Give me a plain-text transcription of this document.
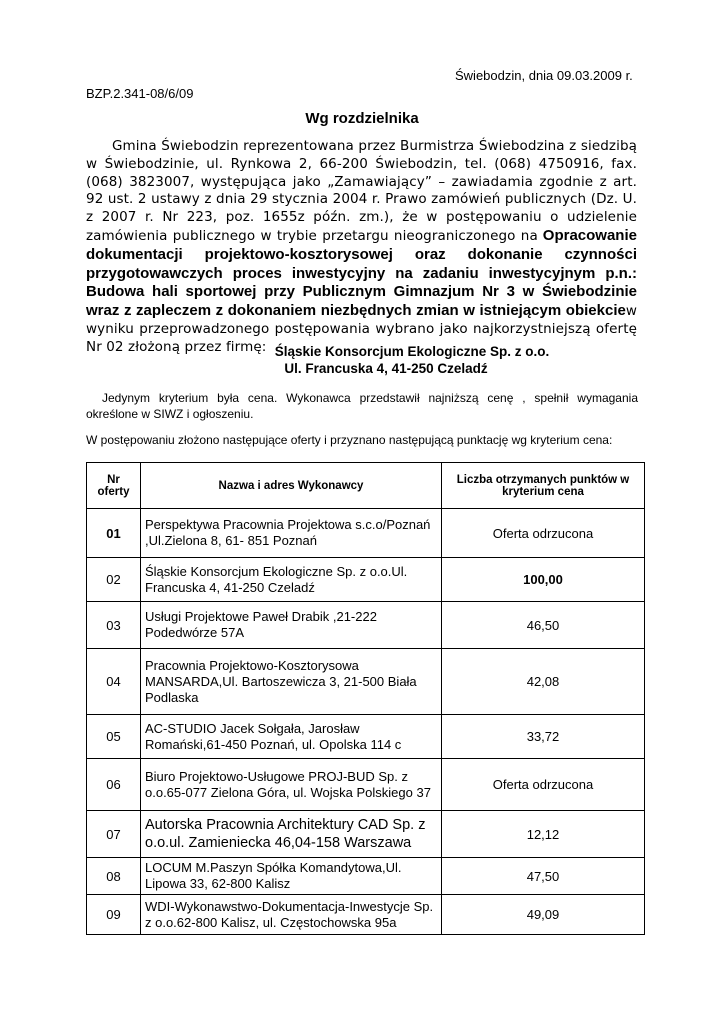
Świebodzin, dnia 09.03.2009 r.
BZP.2.341-08/6/09
Wg rozdzielnika
Gmina Świebodzin reprezentowana przez Burmistrza Świebodzina z siedzibą w Świebodzinie, ul. Rynkowa 2, 66-200 Świebodzin, tel. (068) 4750916, fax. (068) 3823007, występująca jako „Zamawiający” – zawiadamia zgodnie z art. 92 ust. 2 ustawy z dnia 29 stycznia 2004 r. Prawo zamówień publicznych (Dz. U. z 2007 r. Nr 223, poz. 1655z późn. zm.), że w postępowaniu o udzielenie zamówienia publicznego w trybie przetargu nieograniczonego na Opracowanie dokumentacji projektowo-kosztorysowej oraz dokonanie czynności przygotowawczych proces inwestycyjny na zadaniu inwestycyjnym p.n.: Budowa hali sportowej przy Publicznym Gimnazjum Nr 3 w Świebodzinie wraz z zapleczem z dokonaniem niezbędnych zmian w istniejącym obiekciew wyniku przeprowadzonego postępowania wybrano jako najkorzystniejszą ofertę Nr 02 złożoną przez firmę: Śląskie Konsorcjum Ekologiczne Sp. z o.o.
Ul. Francuska 4, 41-250 Czeladź
Jedynym kryterium była cena. Wykonawca przedstawił najniższą cenę , spełnił wymagania określone w SIWZ i ogłoszeniu.
W postępowaniu złożono następujące oferty i przyznano następującą punktację wg kryterium cena:
Nr oferty	Nazwa i adres Wykonawcy	Liczba otrzymanych punktów w kryterium cena
01	Perspektywa Pracownia Projektowa s.c.o/Poznań ,Ul.Zielona 8, 61- 851 Poznań	Oferta odrzucona
02	Śląskie Konsorcjum Ekologiczne Sp. z o.o.Ul. Francuska 4, 41-250 Czeladź	100,00
03	Usługi Projektowe Paweł Drabik ,21-222 Podedwórze 57A	46,50
04	Pracownia Projektowo-Kosztorysowa MANSARDA,Ul. Bartoszewicza 3, 21-500 Biała Podlaska	42,08
05	AC-STUDIO Jacek Sołgała, Jarosław Romański,61-450 Poznań, ul. Opolska 114 c	33,72
06	Biuro Projektowo-Usługowe PROJ-BUD Sp. z o.o.65-077 Zielona Góra, ul. Wojska Polskiego 37	Oferta odrzucona
07	Autorska Pracownia Architektury CAD Sp. z o.o.ul. Zamieniecka 46,04-158 Warszawa	12,12
08	LOCUM M.Paszyn Spółka Komandytowa,Ul. Lipowa 33, 62-800 Kalisz	47,50
09	WDI-Wykonawstwo-Dokumentacja-Inwestycje Sp. z o.o.62-800 Kalisz, ul. Częstochowska 95a	49,09
